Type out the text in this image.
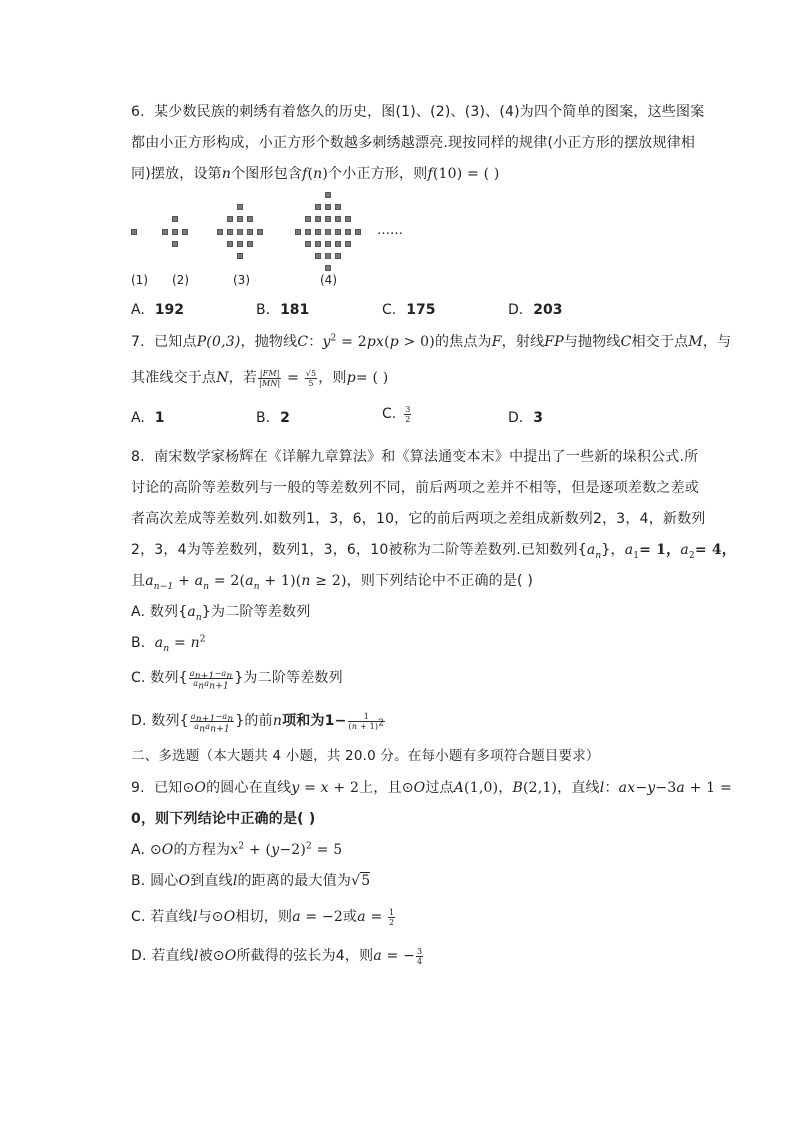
6. 某少数民族的刺绣有着悠久的历史，图(1)、(2)、(3)、(4)为四个简单的图案，这些图案
都由小正方形构成，小正方形个数越多刺绣越漂亮.现按同样的规律(小正方形的摆放规律相
同)摆放，设第n个图形包含f(n)个小正方形，则f(10) = ( )
……
(1) (2)	(3)	(4)
A. 192	B. 181	C. 175	D. 203
7. 已知点P(0,3)，抛物线C：$y^2 = 2px(p > 0)$的焦点为F，射线FP与抛物线C相交于点M，与
其准线交于点N，若 $\frac{|FM|}{|MN|} = \frac{√5}{5}$ ，则p= ( )
A. 1	B. 2	C. $\frac{3}{2}$	D. 3
8. 南宋数学家杨辉在《详解九章算法》和《算法通变本末》中提出了一些新的垛积公式.所
讨论的高阶等差数列与一般的等差数列不同，前后两项之差并不相等，但是逐项差数之差或
者高次差成等差数列.如数列1，3，6，10，它的前后两项之差组成新数列2，3，4，新数列
2，3，4为等差数列，数列1，3，6，10被称为二阶等差数列.已知数列$\{a_n\}$，$a_1= 1$，$a_2= 4$，
且$a_{n-1} + a_n = 2(a_n + 1)(n \ge 2)$，则下列结论中不正确的是( )
A. 数列$\{a_n\}$为二阶等差数列
B. $a_n = n^2$
C. 数列{ $\frac{a_{n+1}-a_n}{a_na_{n+1}}$ }为二阶等差数列
D. 数列{ $\frac{a_{n+1}-a_n}{a_na_{n+1}}$ }的前n项和为$1- \frac{1}{(n + 1)^2}$
二、多选题（本大题共 4 小题，共 20.0 分。在每小题有多项符合题目要求）
9. 已知⊙O的圆心在直线y = x + 2上，且⊙O过点A(1,0)，B(2,1)，直线l：ax−y−3a + 1 =
0，则下列结论中正确的是( )
A. ⊙O的方程为$x^2 + (y-2)^2 = 5$
B. 圆心O到直线l的距离的最大值为√5
C. 若直线l与⊙O相切，则a = −2或$a = \frac{1}{2}$
D. 若直线l被⊙O所截得的弦长为4，则a = − $\frac{3}{4}$
